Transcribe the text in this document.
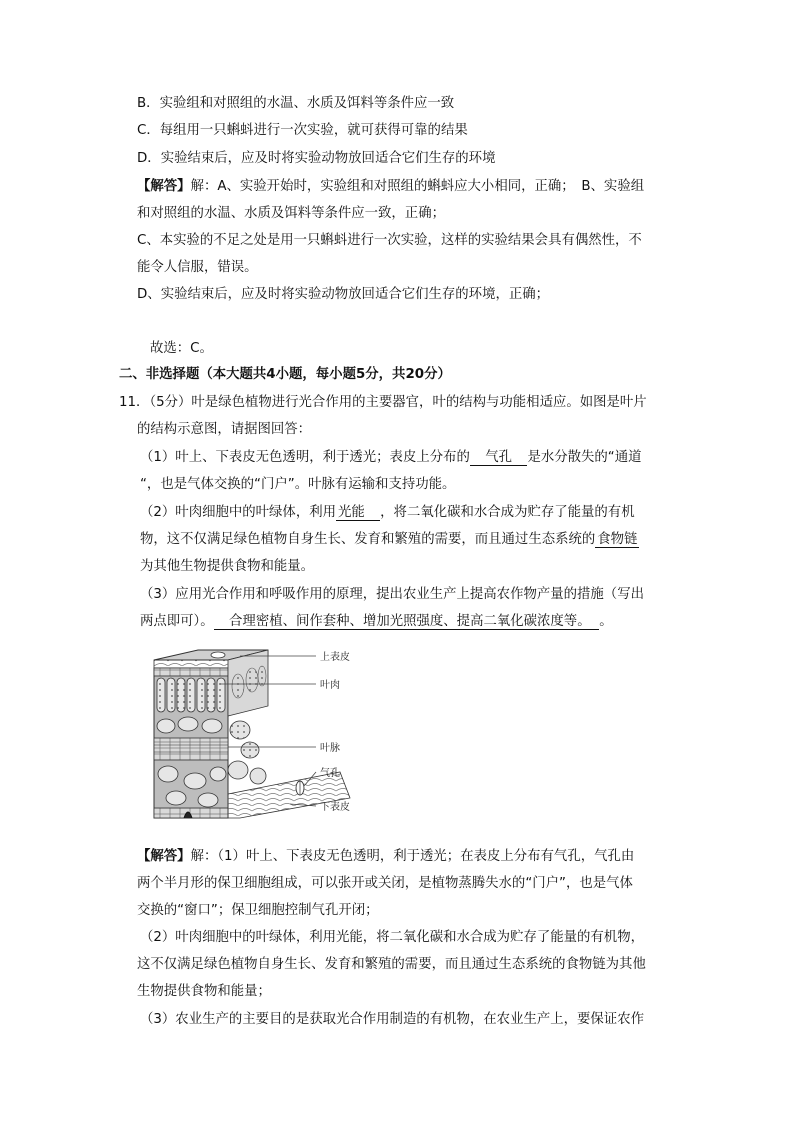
B．实验组和对照组的水温、水质及饵料等条件应一致
C．每组用一只蝌蚪进行一次实验，就可获得可靠的结果
D．实验结束后，应及时将实验动物放回适合它们生存的环境
【解答】解：A、实验开始时，实验组和对照组的蝌蚪应大小相同，正确；　B、实验组
和对照组的水温、水质及饵料等条件应一致，正确；
C、本实验的不足之处是用一只蝌蚪进行一次实验，这样的实验结果会具有偶然性，不
能令人信服，错误。
D、实验结束后，应及时将实验动物放回适合它们生存的环境，正确；
故选：C。
二、非选择题（本大题共4小题，每小题5分，共20分）
11．（5分）叶是绿色植物进行光合作用的主要器官，叶的结构与功能相适应。如图是叶片
的结构示意图，请据图回答：
（1）叶上、下表皮无色透明，利于透光；表皮上分布的　气孔　是水分散失的“通道
“，也是气体交换的“门户”。叶脉有运输和支持功能。
（2）叶肉细胞中的叶绿体，利用 光能　，将二氧化碳和水合成为贮存了能量的有机
物，这不仅满足绿色植物自身生长、发育和繁殖的需要，而且通过生态系统的 食物链
为其他生物提供食物和能量。
（3）应用光合作用和呼吸作用的原理，提出农业生产上提高农作物产量的措施（写出
两点即可）。　合理密植、间作套种、增加光照强度、提高二氧化碳浓度等。　。
上表皮
叶肉
叶脉
气孔
下表皮
【解答】解：（1）叶上、下表皮无色透明，利于透光；在表皮上分布有气孔，气孔由
两个半月形的保卫细胞组成，可以张开或关闭，是植物蒸腾失水的“门户”，也是气体
交换的“窗口”；保卫细胞控制气孔开闭；
（2）叶肉细胞中的叶绿体，利用光能，将二氧化碳和水合成为贮存了能量的有机物，
这不仅满足绿色植物自身生长、发育和繁殖的需要，而且通过生态系统的食物链为其他
生物提供食物和能量；
（3）农业生产的主要目的是获取光合作用制造的有机物，在农业生产上，要保证农作
